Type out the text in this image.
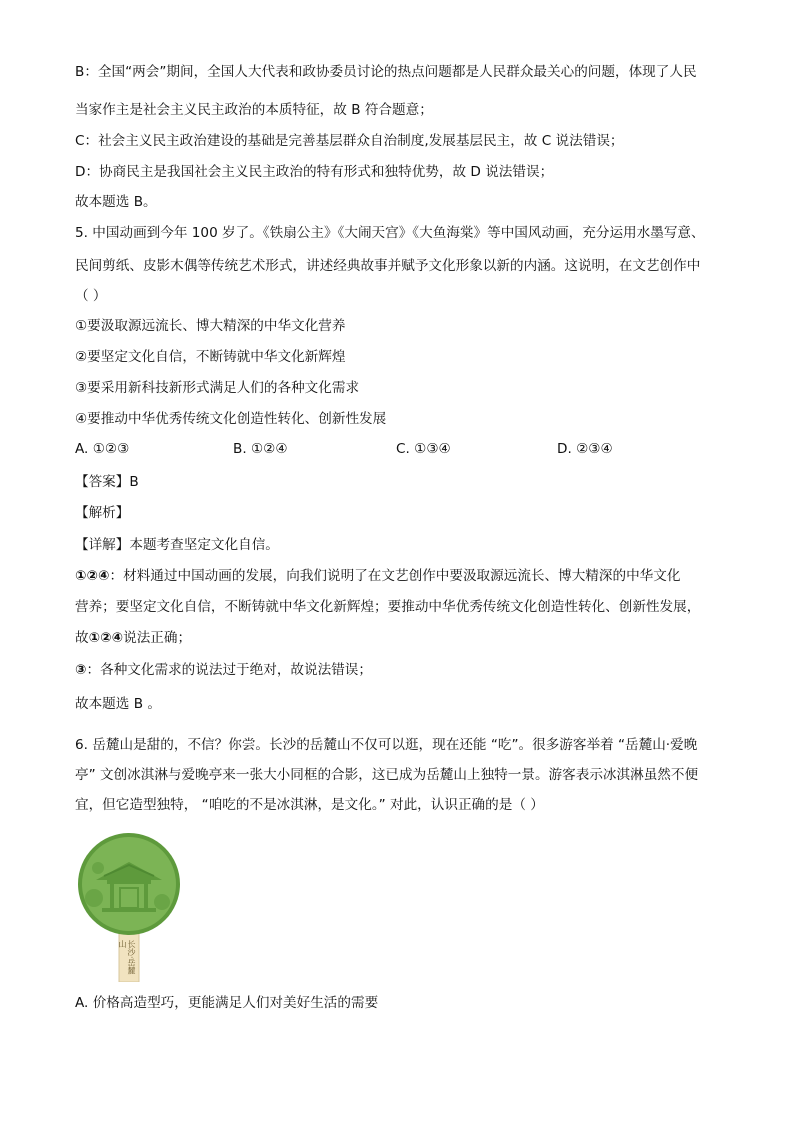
B：全国“两会”期间，全国人大代表和政协委员讨论的热点问题都是人民群众最关心的问题，体现了人民
当家作主是社会主义民主政治的本质特征，故 B 符合题意；
C：社会主义民主政治建设的基础是完善基层群众自治制度,发展基层民主，故 C 说法错误；
D：协商民主是我国社会主义民主政治的特有形式和独特优势，故 D 说法错误；
故本题选 B。
5. 中国动画到今年 100 岁了。《铁扇公主》《大闹天宫》《大鱼海棠》等中国风动画，充分运用水墨写意、
民间剪纸、皮影木偶等传统艺术形式，讲述经典故事并赋予文化形象以新的内涵。这说明，在文艺创作中
（ ）
①要汲取源远流长、博大精深的中华文化营养
②要坚定文化自信，不断铸就中华文化新辉煌
③要采用新科技新形式满足人们的各种文化需求
④要推动中华优秀传统文化创造性转化、创新性发展
A. ①②③	B. ①②④	C. ①③④	D. ②③④
【答案】B
【解析】
【详解】本题考查坚定文化自信。
①②④：材料通过中国动画的发展，向我们说明了在文艺创作中要汲取源远流长、博大精深的中华文化
营养；要坚定文化自信，不断铸就中华文化新辉煌；要推动中华优秀传统文化创造性转化、创新性发展，
故①②④说法正确；
③：各种文化需求的说法过于绝对，故说法错误；
故本题选 B 。
6. 岳麓山是甜的，不信？你尝。长沙的岳麓山不仅可以逛，现在还能 “吃”。很多游客举着 “岳麓山·爱晚
亭” 文创冰淇淋与爱晚亭来一张大小同框的合影，这已成为岳麓山上独特一景。游客表示冰淇淋虽然不便
宜，但它造型独特， “咱吃的不是冰淇淋，是文化。” 对此，认识正确的是（ ）
长沙·岳麓山
A. 价格高造型巧，更能满足人们对美好生活的需要
